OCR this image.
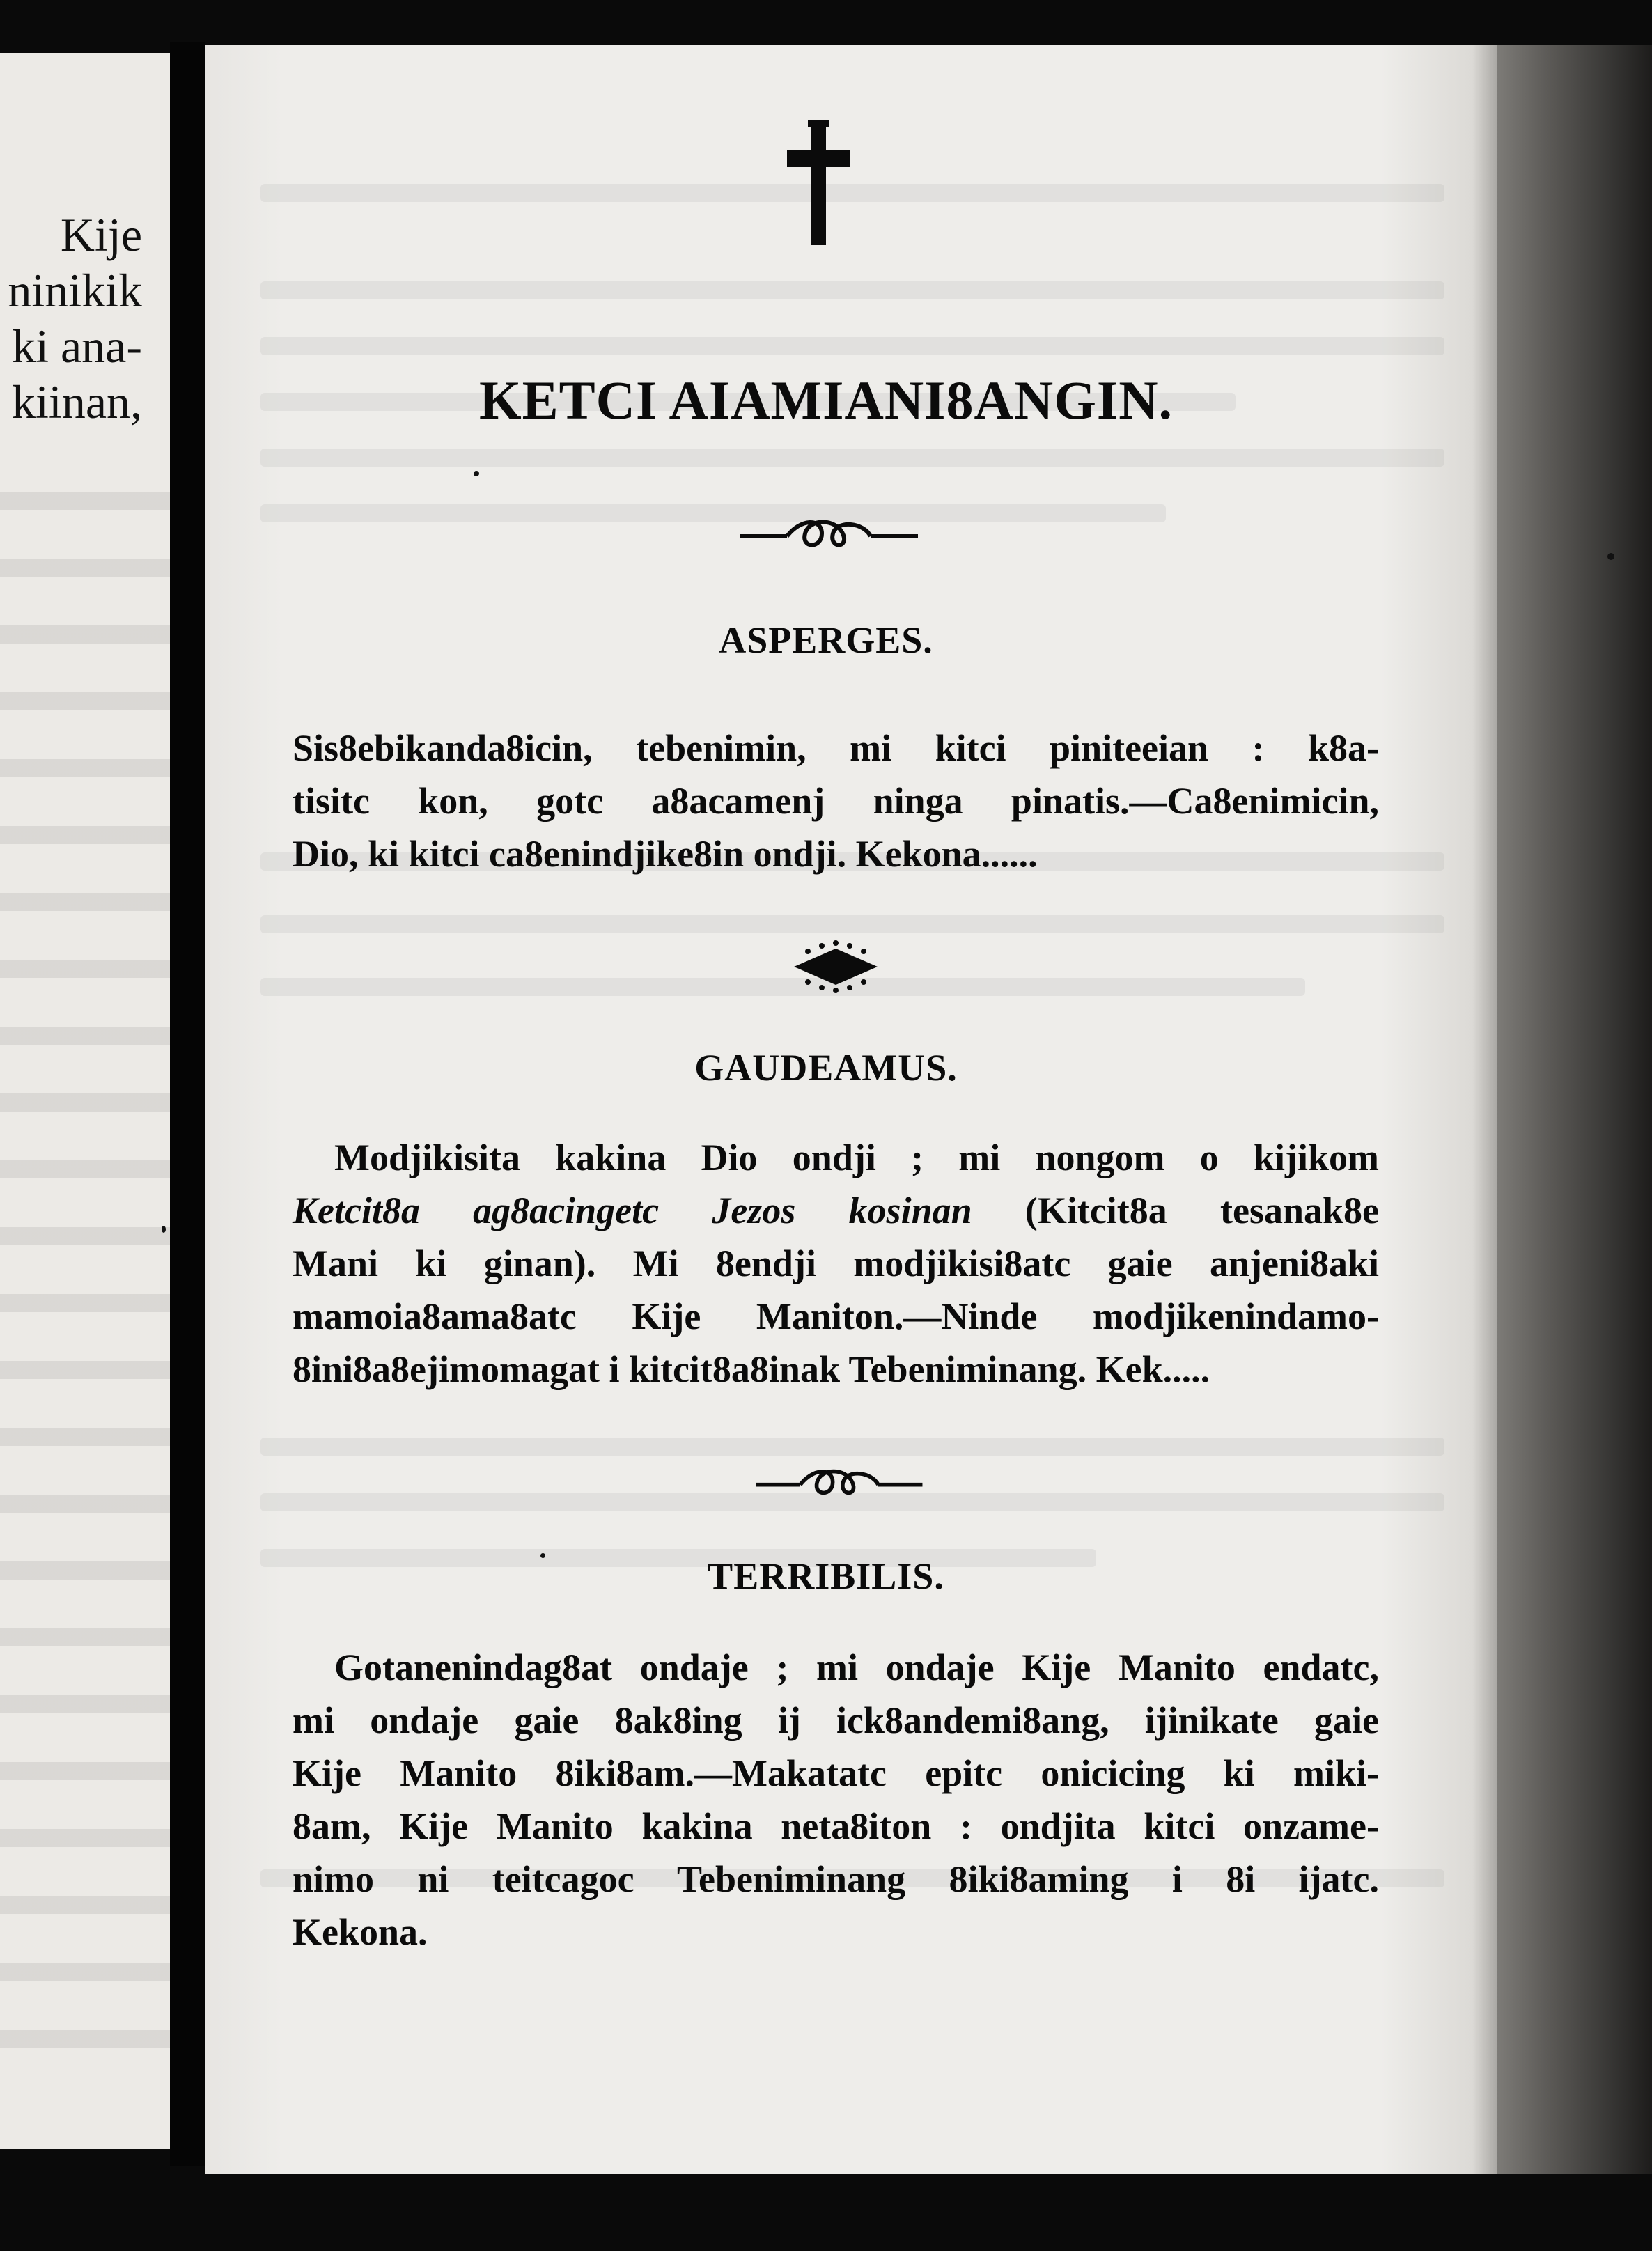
Kije
ninikik
ki ana-
kiinan,	KETCI AIAMIANI8ANGIN.
ASPERGES.
Sis8ebikanda8icin, tebenimin, mi kitci piniteeian : k8a-
tisitc kon, gotc a8acamenj ninga pinatis.—Ca8enimicin,
Dio, ki kitci ca8enindjike8in ondji. Kekona......
GAUDEAMUS.
Modjikisita kakina Dio ondji ; mi nongom o kijikom
Ketcit8a ag8acingetc Jezos kosinan (Kitcit8a tesanak8e
Mani ki ginan). Mi 8endji modjikisi8atc gaie anjeni8aki
mamoia8ama8atc Kije Maniton.—Ninde modjikenindamo-
8ini8a8ejimomagat i kitcit8a8inak Tebeniminang. Kek.....
TERRIBILIS.
Gotanenindag8at ondaje ; mi ondaje Kije Manito endatc,
mi ondaje gaie 8ak8ing ij ick8andemi8ang, ijinikate gaie
Kije Manito 8iki8am.—Makatatc epitc onicicing ki miki-
8am, Kije Manito kakina neta8iton : ondjita kitci onzame-
nimo ni teitcagoc Tebeniminang 8iki8aming i 8i ijatc.
Kekona.
